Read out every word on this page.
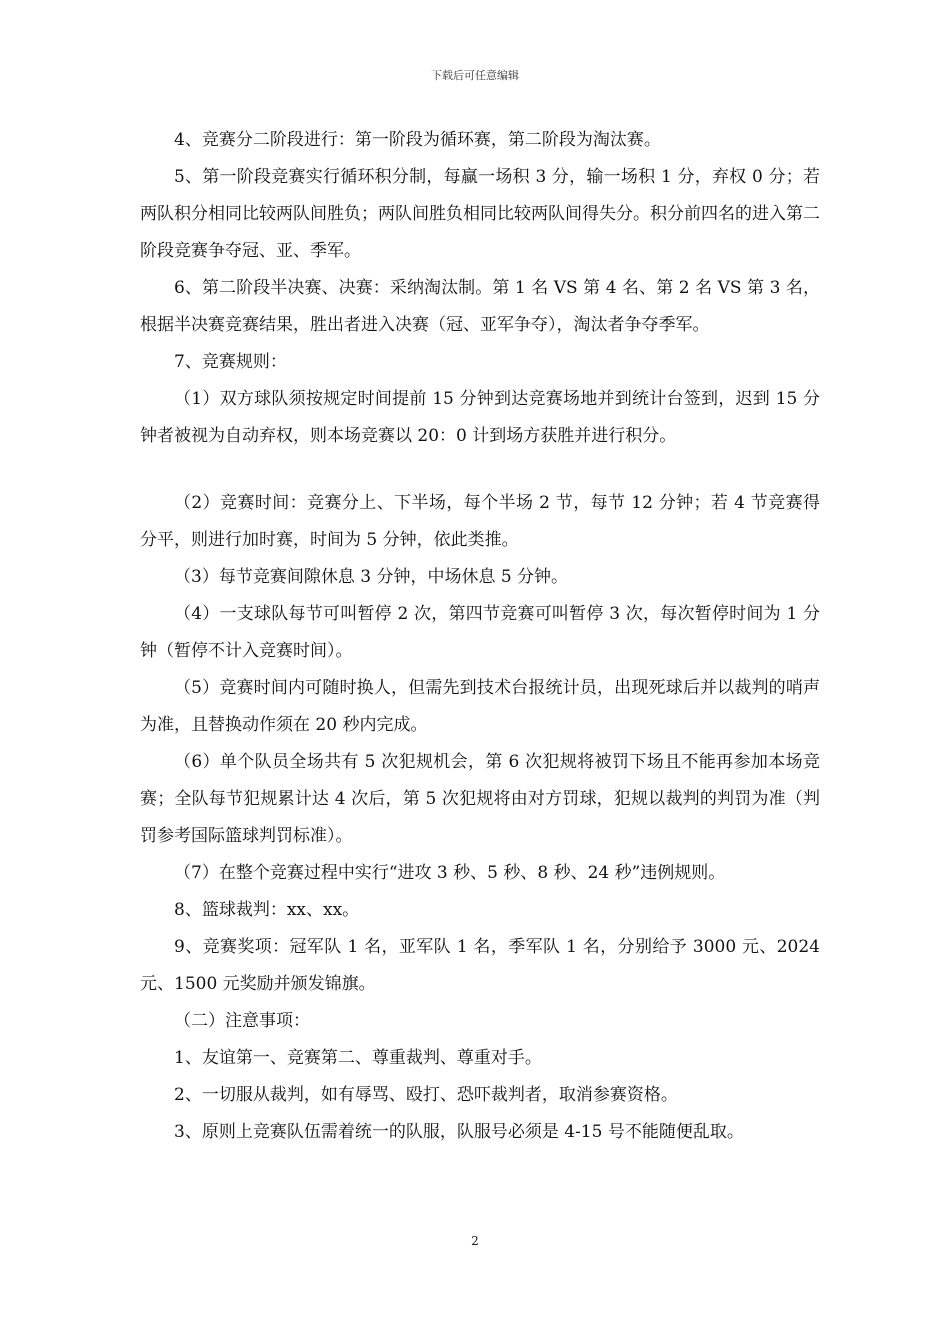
下载后可任意编辑

4、竞赛分二阶段进行：第一阶段为循环赛，第二阶段为淘汰赛。

5、第一阶段竞赛实行循环积分制，每赢一场积 3 分，输一场积 1 分，弃权 0 分；若两队积分相同比较两队间胜负；两队间胜负相同比较两队间得失分。积分前四名的进入第二阶段竞赛争夺冠、亚、季军。

6、第二阶段半决赛、决赛：采纳淘汰制。第 1 名 VS 第 4 名、第 2 名 VS 第 3 名，根据半决赛竞赛结果，胜出者进入决赛（冠、亚军争夺），淘汰者争夺季军。

7、竞赛规则：

（1）双方球队须按规定时间提前 15 分钟到达竞赛场地并到统计台签到，迟到 15 分钟者被视为自动弃权，则本场竞赛以 20：0 计到场方获胜并进行积分。

（2）竞赛时间：竞赛分上、下半场，每个半场 2 节，每节 12 分钟；若 4 节竞赛得分平，则进行加时赛，时间为 5 分钟，依此类推。

（3）每节竞赛间隙休息 3 分钟，中场休息 5 分钟。

（4）一支球队每节可叫暂停 2 次，第四节竞赛可叫暂停 3 次，每次暂停时间为 1 分钟（暂停不计入竞赛时间）。

（5）竞赛时间内可随时换人，但需先到技术台报统计员，出现死球后并以裁判的哨声为准，且替换动作须在 20 秒内完成。

（6）单个队员全场共有 5 次犯规机会，第 6 次犯规将被罚下场且不能再参加本场竞赛；全队每节犯规累计达 4 次后，第 5 次犯规将由对方罚球，犯规以裁判的判罚为准（判罚参考国际篮球判罚标准）。

（7）在整个竞赛过程中实行“进攻 3 秒、5 秒、8 秒、24 秒”违例规则。

8、篮球裁判：xx、xx。

9、竞赛奖项：冠军队 1 名，亚军队 1 名，季军队 1 名，分别给予 3000 元、2024 元、1500 元奖励并颁发锦旗。

（二）注意事项：

1、友谊第一、竞赛第二、尊重裁判、尊重对手。

2、一切服从裁判，如有辱骂、殴打、恐吓裁判者，取消参赛资格。

3、原则上竞赛队伍需着统一的队服，队服号必须是 4-15 号不能随便乱取。

2
